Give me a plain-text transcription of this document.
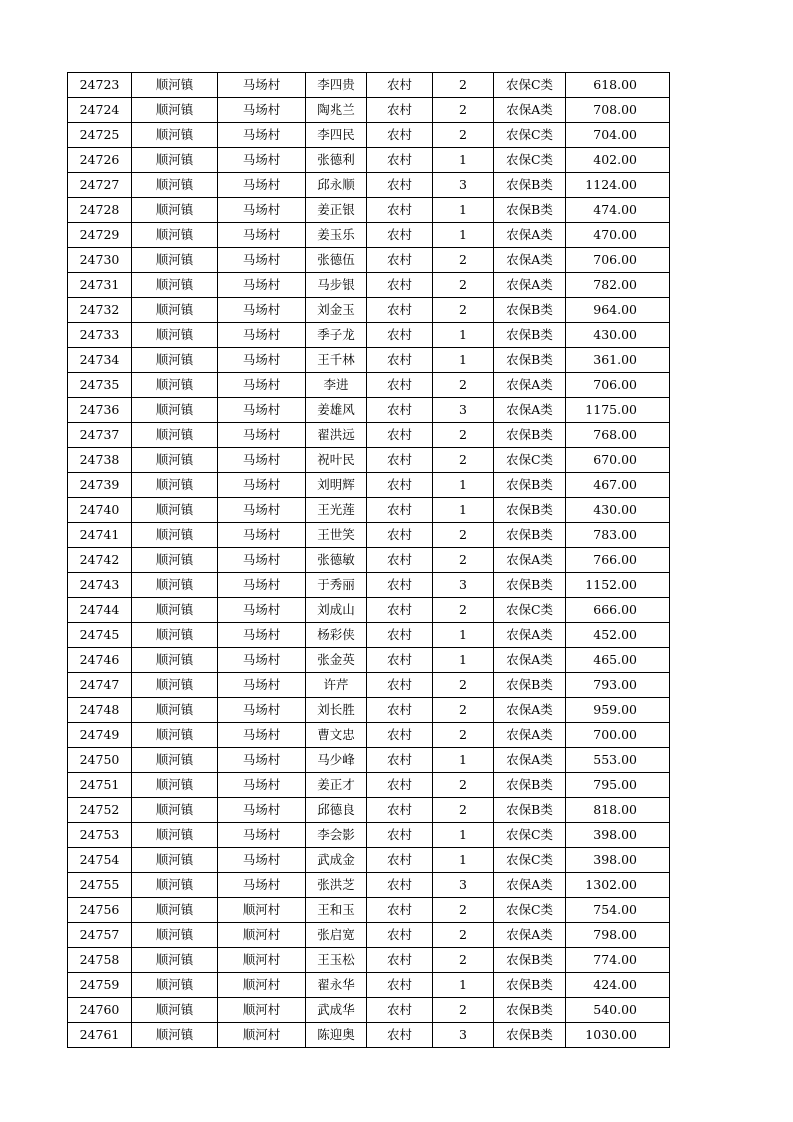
24723	顺河镇	马场村	李四贵	农村	2	农保C类	618.00
24724	顺河镇	马场村	陶兆兰	农村	2	农保A类	708.00
24725	顺河镇	马场村	李四民	农村	2	农保C类	704.00
24726	顺河镇	马场村	张德利	农村	1	农保C类	402.00
24727	顺河镇	马场村	邱永顺	农村	3	农保B类	1124.00
24728	顺河镇	马场村	姜正银	农村	1	农保B类	474.00
24729	顺河镇	马场村	姜玉乐	农村	1	农保A类	470.00
24730	顺河镇	马场村	张德伍	农村	2	农保A类	706.00
24731	顺河镇	马场村	马步银	农村	2	农保A类	782.00
24732	顺河镇	马场村	刘金玉	农村	2	农保B类	964.00
24733	顺河镇	马场村	季子龙	农村	1	农保B类	430.00
24734	顺河镇	马场村	王千林	农村	1	农保B类	361.00
24735	顺河镇	马场村	李进	农村	2	农保A类	706.00
24736	顺河镇	马场村	姜雄风	农村	3	农保A类	1175.00
24737	顺河镇	马场村	翟洪远	农村	2	农保B类	768.00
24738	顺河镇	马场村	祝叶民	农村	2	农保C类	670.00
24739	顺河镇	马场村	刘明辉	农村	1	农保B类	467.00
24740	顺河镇	马场村	王光莲	农村	1	农保B类	430.00
24741	顺河镇	马场村	王世笑	农村	2	农保B类	783.00
24742	顺河镇	马场村	张德敏	农村	2	农保A类	766.00
24743	顺河镇	马场村	于秀丽	农村	3	农保B类	1152.00
24744	顺河镇	马场村	刘成山	农村	2	农保C类	666.00
24745	顺河镇	马场村	杨彩侠	农村	1	农保A类	452.00
24746	顺河镇	马场村	张金英	农村	1	农保A类	465.00
24747	顺河镇	马场村	许芹	农村	2	农保B类	793.00
24748	顺河镇	马场村	刘长胜	农村	2	农保A类	959.00
24749	顺河镇	马场村	曹文忠	农村	2	农保A类	700.00
24750	顺河镇	马场村	马少峰	农村	1	农保A类	553.00
24751	顺河镇	马场村	姜正才	农村	2	农保B类	795.00
24752	顺河镇	马场村	邱德良	农村	2	农保B类	818.00
24753	顺河镇	马场村	李会影	农村	1	农保C类	398.00
24754	顺河镇	马场村	武成金	农村	1	农保C类	398.00
24755	顺河镇	马场村	张洪芝	农村	3	农保A类	1302.00
24756	顺河镇	顺河村	王和玉	农村	2	农保C类	754.00
24757	顺河镇	顺河村	张启宽	农村	2	农保A类	798.00
24758	顺河镇	顺河村	王玉松	农村	2	农保B类	774.00
24759	顺河镇	顺河村	翟永华	农村	1	农保B类	424.00
24760	顺河镇	顺河村	武成华	农村	2	农保B类	540.00
24761	顺河镇	顺河村	陈迎奥	农村	3	农保B类	1030.00
